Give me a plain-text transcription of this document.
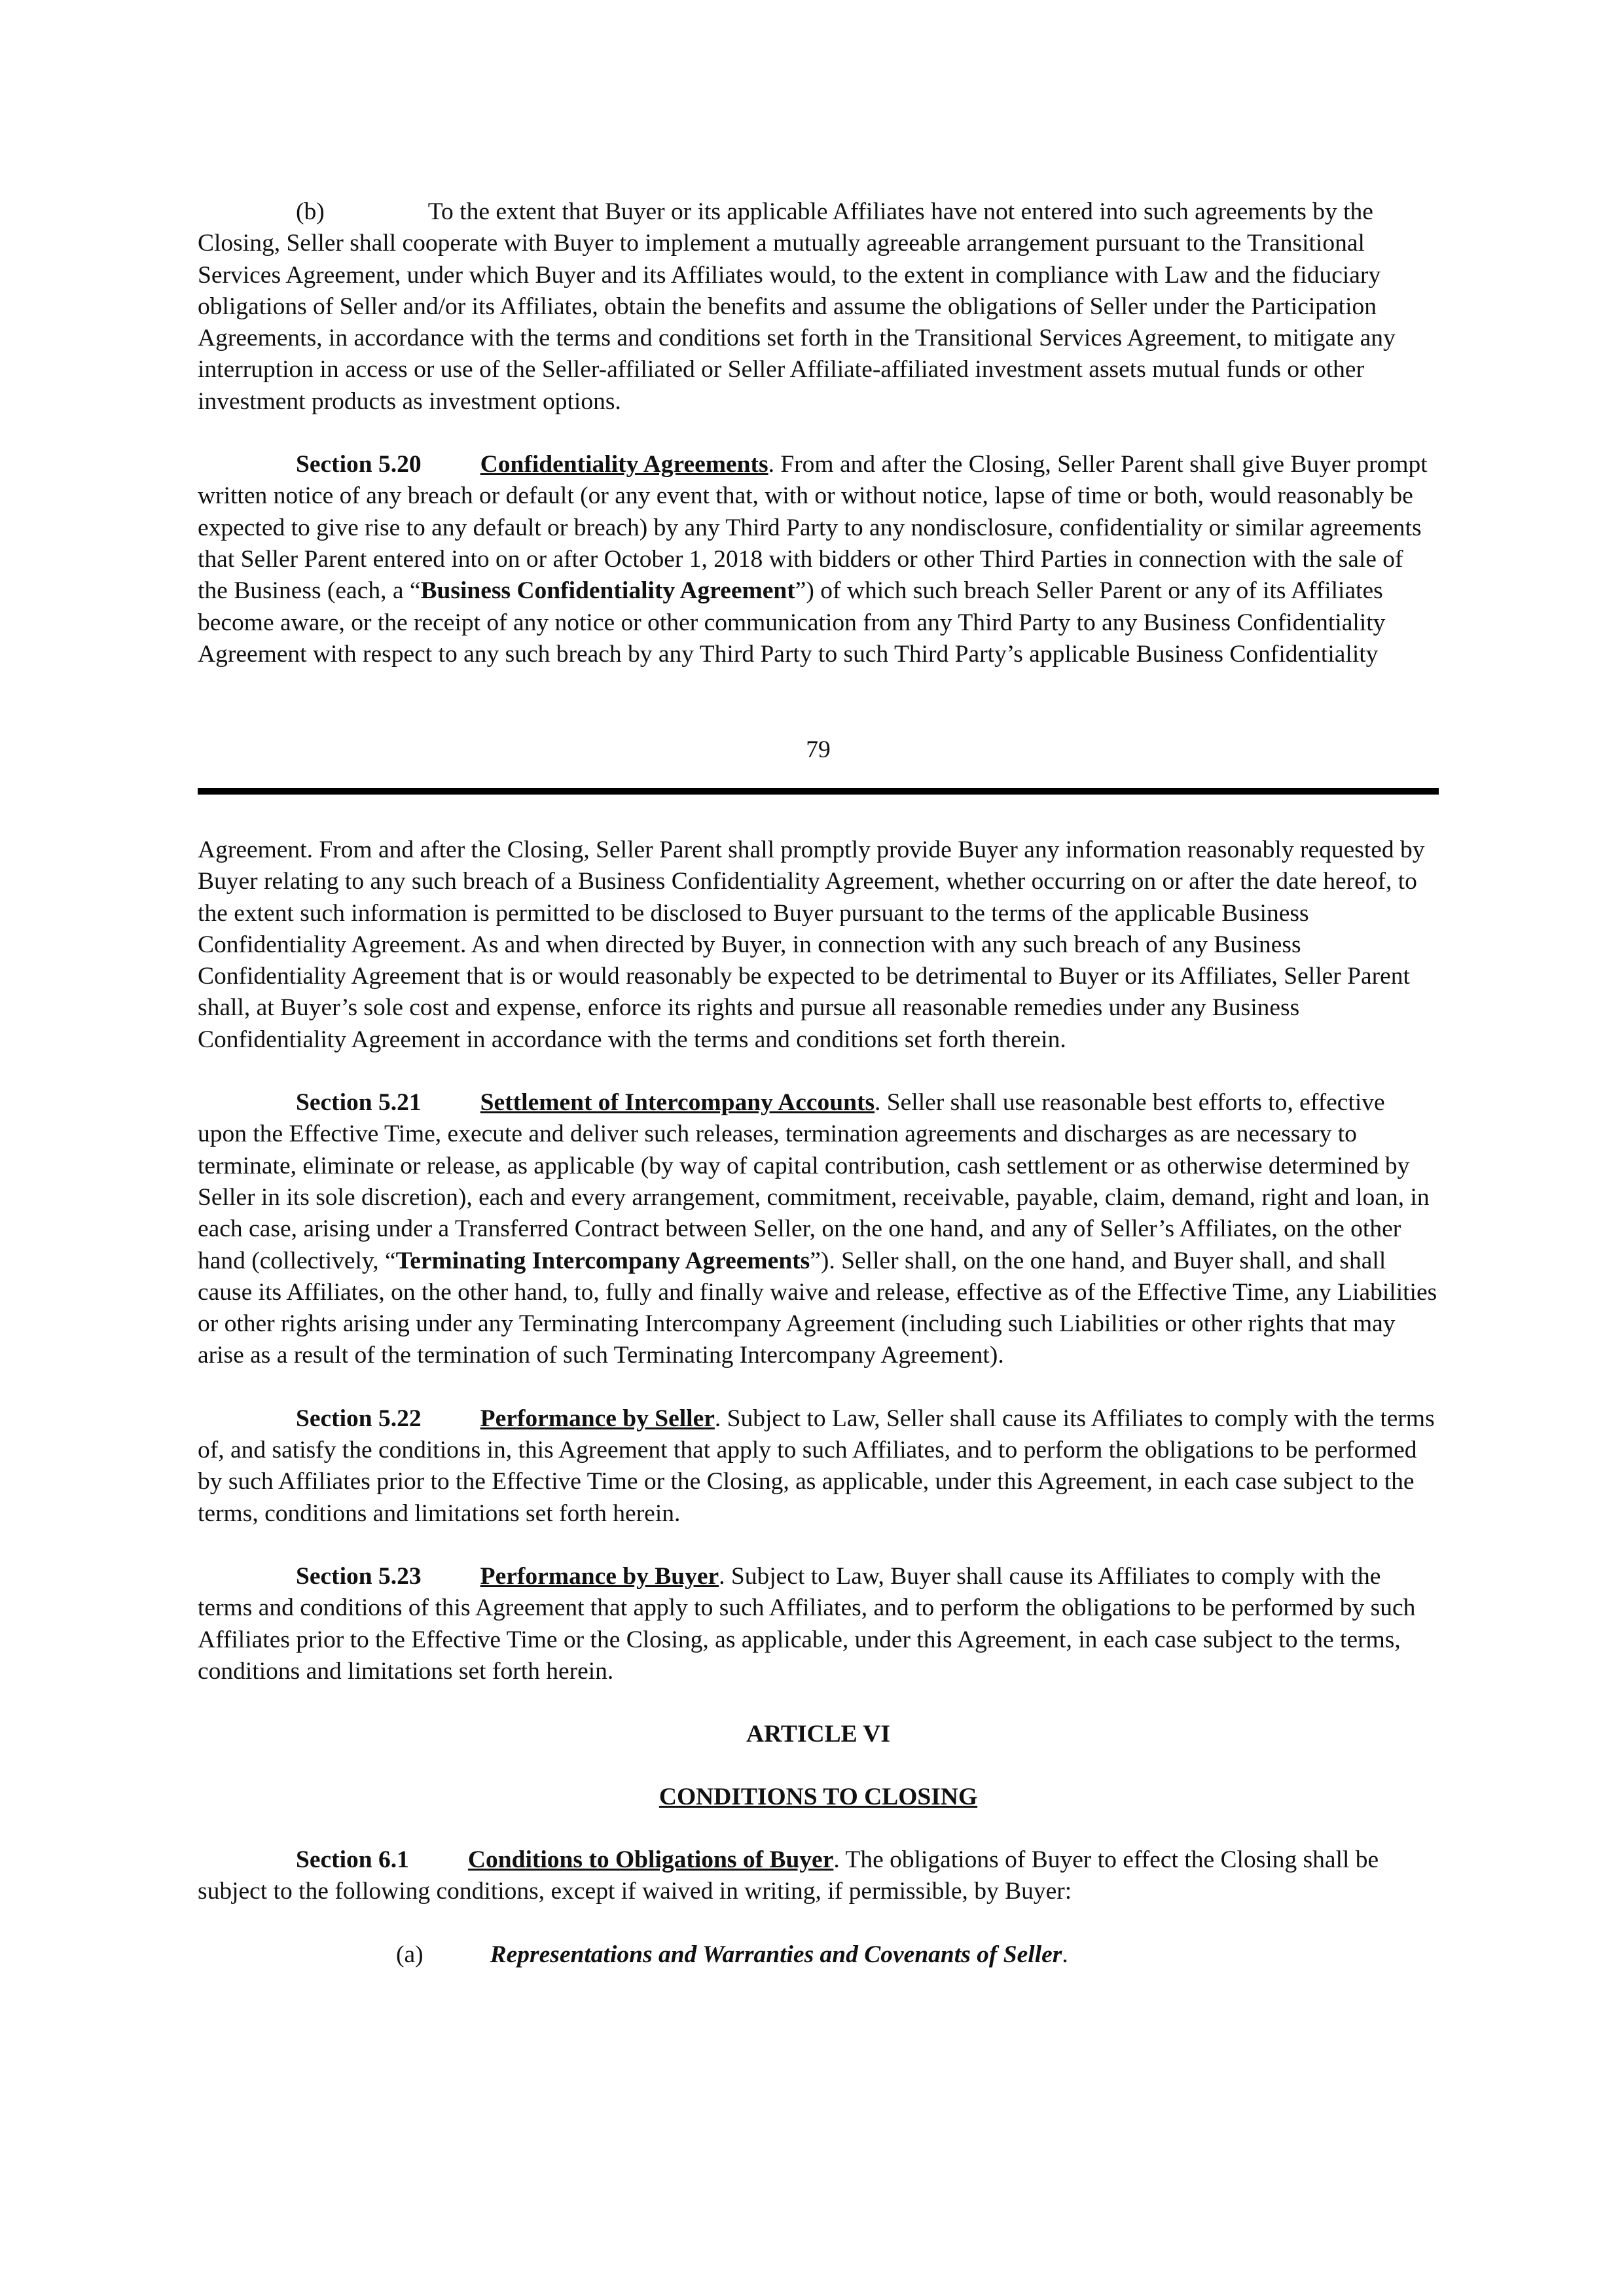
(b)	To the extent that Buyer or its applicable Affiliates have not entered into such agreements by the Closing, Seller shall cooperate with Buyer to implement a mutually agreeable arrangement pursuant to the Transitional Services Agreement, under which Buyer and its Affiliates would, to the extent in compliance with Law and the fiduciary obligations of Seller and/or its Affiliates, obtain the benefits and assume the obligations of Seller under the Participation Agreements, in accordance with the terms and conditions set forth in the Transitional Services Agreement, to mitigate any interruption in access or use of the Seller-affiliated or Seller Affiliate-affiliated investment assets mutual funds or other investment products as investment options.

Section 5.20 Confidentiality Agreements. From and after the Closing, Seller Parent shall give Buyer prompt written notice of any breach or default (or any event that, with or without notice, lapse of time or both, would reasonably be expected to give rise to any default or breach) by any Third Party to any nondisclosure, confidentiality or similar agreements that Seller Parent entered into on or after October 1, 2018 with bidders or other Third Parties in connection with the sale of the Business (each, a “Business Confidentiality Agreement”) of which such breach Seller Parent or any of its Affiliates become aware, or the receipt of any notice or other communication from any Third Party to any Business Confidentiality Agreement with respect to any such breach by any Third Party to such Third Party’s applicable Business Confidentiality

79

Agreement. From and after the Closing, Seller Parent shall promptly provide Buyer any information reasonably requested by Buyer relating to any such breach of a Business Confidentiality Agreement, whether occurring on or after the date hereof, to the extent such information is permitted to be disclosed to Buyer pursuant to the terms of the applicable Business Confidentiality Agreement. As and when directed by Buyer, in connection with any such breach of any Business Confidentiality Agreement that is or would reasonably be expected to be detrimental to Buyer or its Affiliates, Seller Parent shall, at Buyer’s sole cost and expense, enforce its rights and pursue all reasonable remedies under any Business Confidentiality Agreement in accordance with the terms and conditions set forth therein.

Section 5.21 Settlement of Intercompany Accounts. Seller shall use reasonable best efforts to, effective upon the Effective Time, execute and deliver such releases, termination agreements and discharges as are necessary to terminate, eliminate or release, as applicable (by way of capital contribution, cash settlement or as otherwise determined by Seller in its sole discretion), each and every arrangement, commitment, receivable, payable, claim, demand, right and loan, in each case, arising under a Transferred Contract between Seller, on the one hand, and any of Seller’s Affiliates, on the other hand (collectively, “Terminating Intercompany Agreements”). Seller shall, on the one hand, and Buyer shall, and shall cause its Affiliates, on the other hand, to, fully and finally waive and release, effective as of the Effective Time, any Liabilities or other rights arising under any Terminating Intercompany Agreement (including such Liabilities or other rights that may arise as a result of the termination of such Terminating Intercompany Agreement).

Section 5.22 Performance by Seller. Subject to Law, Seller shall cause its Affiliates to comply with the terms of, and satisfy the conditions in, this Agreement that apply to such Affiliates, and to perform the obligations to be performed by such Affiliates prior to the Effective Time or the Closing, as applicable, under this Agreement, in each case subject to the terms, conditions and limitations set forth herein.

Section 5.23 Performance by Buyer. Subject to Law, Buyer shall cause its Affiliates to comply with the terms and conditions of this Agreement that apply to such Affiliates, and to perform the obligations to be performed by such Affiliates prior to the Effective Time or the Closing, as applicable, under this Agreement, in each case subject to the terms, conditions and limitations set forth herein.

ARTICLE VI

CONDITIONS TO CLOSING

Section 6.1 Conditions to Obligations of Buyer. The obligations of Buyer to effect the Closing shall be subject to the following conditions, except if waived in writing, if permissible, by Buyer:

(a)	Representations and Warranties and Covenants of Seller.
